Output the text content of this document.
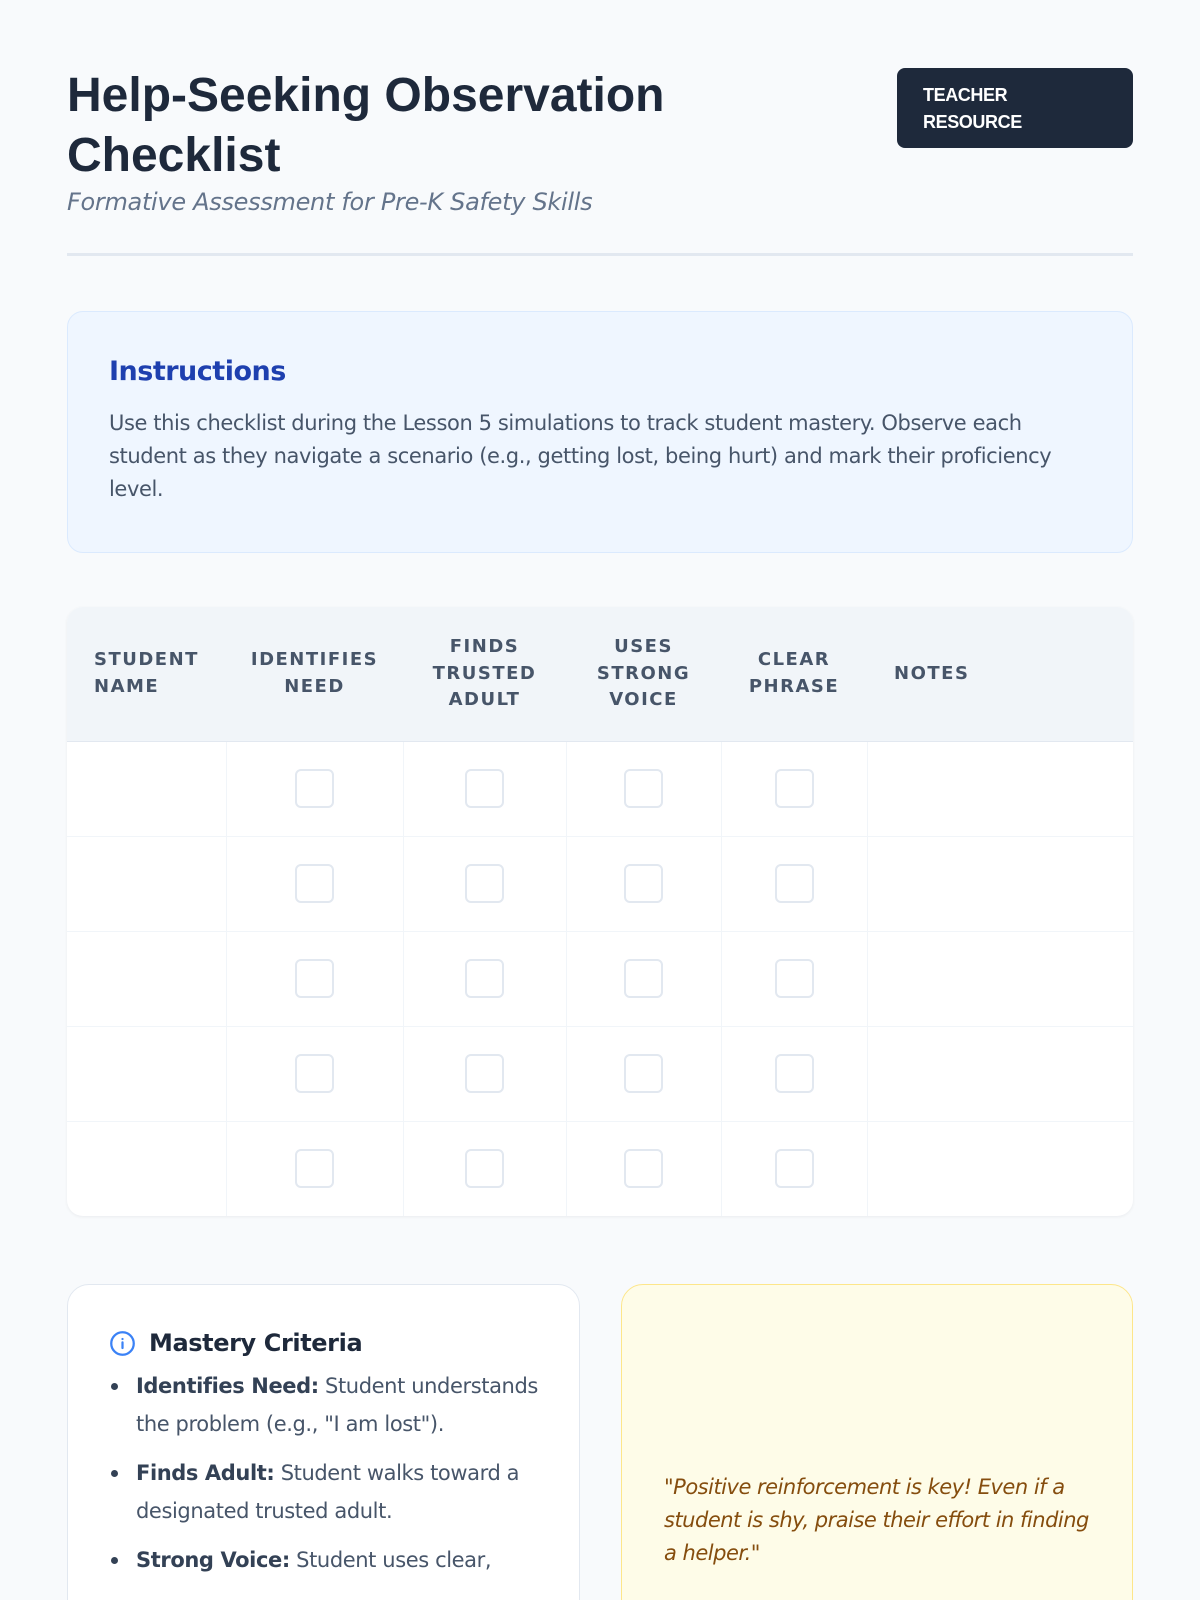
Help-Seeking Observation Checklist
Formative Assessment for Pre-K Safety Skills
TEACHER RESOURCE
Instructions

Use this checklist during the Lesson 5 simulations to track student mastery. Observe each student as they navigate a scenario (e.g., getting lost, being hurt) and mark their proficiency level.

STUDENT NAME	IDENTIFIES NEED	FINDS TRUSTED ADULT	USES STRONG VOICE	CLEAR PHRASE	NOTES

Mastery Criteria
Identifies Need: Student understands the problem (e.g., "I am lost").
Finds Adult: Student walks toward a designated trusted adult.
Strong Voice: Student uses clear,

"Positive reinforcement is key! Even if a student is shy, praise their effort in finding a helper."
